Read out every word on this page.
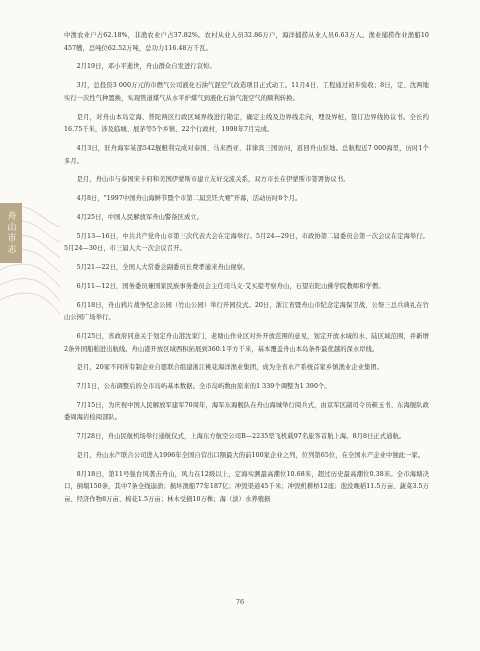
舟山市志

中渔农业户占62.18%，非渔农业户占37.82%。农村从业人员32.86万户，海洋捕捞从业人员6.63万人。渔业捕捞作业渔船10 457艘，总吨位62.52万吨，总功力116.48万千瓦。

2月19日，邓小平逝世，舟山群众自发进行哀悼。

3月，总投资3 000万元的市燃气公司液化石油气混空气改造项目正式动工。11月4日，工程通过初步验收；8日，定、沈两地实行一次性气种置换，实现管道煤气从水平炉煤气到液化石油气混空气的顺利转换。

是月，对舟山本岛定海、普陀两区行政区域界线进行勘定，确定主线及边界线走向，埋设界桩，签订边界线协议书。全长约16.75千米，涉及临城、展茅等5个乡镇、22个行政村，1998年7月完成。

4月3日，驻舟海军某部542舰艇利完成对泰国、马来西亚、菲律宾三国访问，返回舟山驻地。总航程近7 000海里，历时1个多月。

是月，舟山市与泰国宋卡府和美国伊蒙斯市建立友好交流关系，双方市长在伊蒙斯市签署协议书。

4月8日，"1997中国舟山海鲜节暨个市第二届烹饪大赛"开幕，活动历时8个月。

4月25日，中国人民解放军舟山警备区成立。

5月13—16日，中共共产党舟山市第三次代表大会在定海举行。5月24—29日，市政协第二届委员会第一次会议在定海举行。5月24—30日，市三届人大一次会议召开。

5月21—22日，全国人大常委会副委员长费孝通来舟山视察。

6月11—12日，国务委员兼国家民族事务委员会主任司马义·艾买提考察舟山，石望岩陀山佛学院教师和学僧。

6月18日，舟山鸦片战争纪念公园（竹山公园）举行开园仪式。20日，浙江省暨舟山市纪念定海保卫战、公祭三总兵典礼在竹山公园广场举行。

6月25日，省政府同意关于划定舟山港沈家门、老塘山作业区对外开放范围的意见，划定开放水域的水、陆区域范围，并新增2条外国船舶进出航线。舟山港开放区域西积拓展到360.1平方千米，基本覆盖舟山本岛条件最优越的深水岸线。

是月，20家不同所有制企业自愿联合组建浙江桃花海洋渔业集团，成为全省水产系统首家乡镇渔业企业集团。

7月1日，公布调整后的全市岛屿基本数据。全市岛屿数由原来的1 339个调整为1 390个。

7月15日，为庆祝中国人民解放军建军70周年，海军东海舰队在舟山海城举行阅兵式，由京军区副司令员顿玉书、东海舰队政委周海岩检阅部队。

7月28日，舟山民航机场举行通航仪式，上海东方航空公司B—2235型飞机载97名旅客首航上海。8月8日正式通航。

是月，舟山水产联合公司进入1996年全国自营出口额最大的前100家企业之列，位列第65位，在全国水产企业中独此一家。

8月18日，第11号强台风袭击舟山，风力在12级以上，定海实测最高潮位10.68米，超过历史最高潮位0.38米。全市海塘决口，倒塌150条，其中7条全线崩溃；损坏渔船77年187亿；冲毁渠道45千米；冲毁机耕桥12座；泡没晚稻11.5万亩、蔬菜3.5万亩、经济作物8万亩、棉花1.5万亩；林木受损10万株；海（淡）水养殖损

76
